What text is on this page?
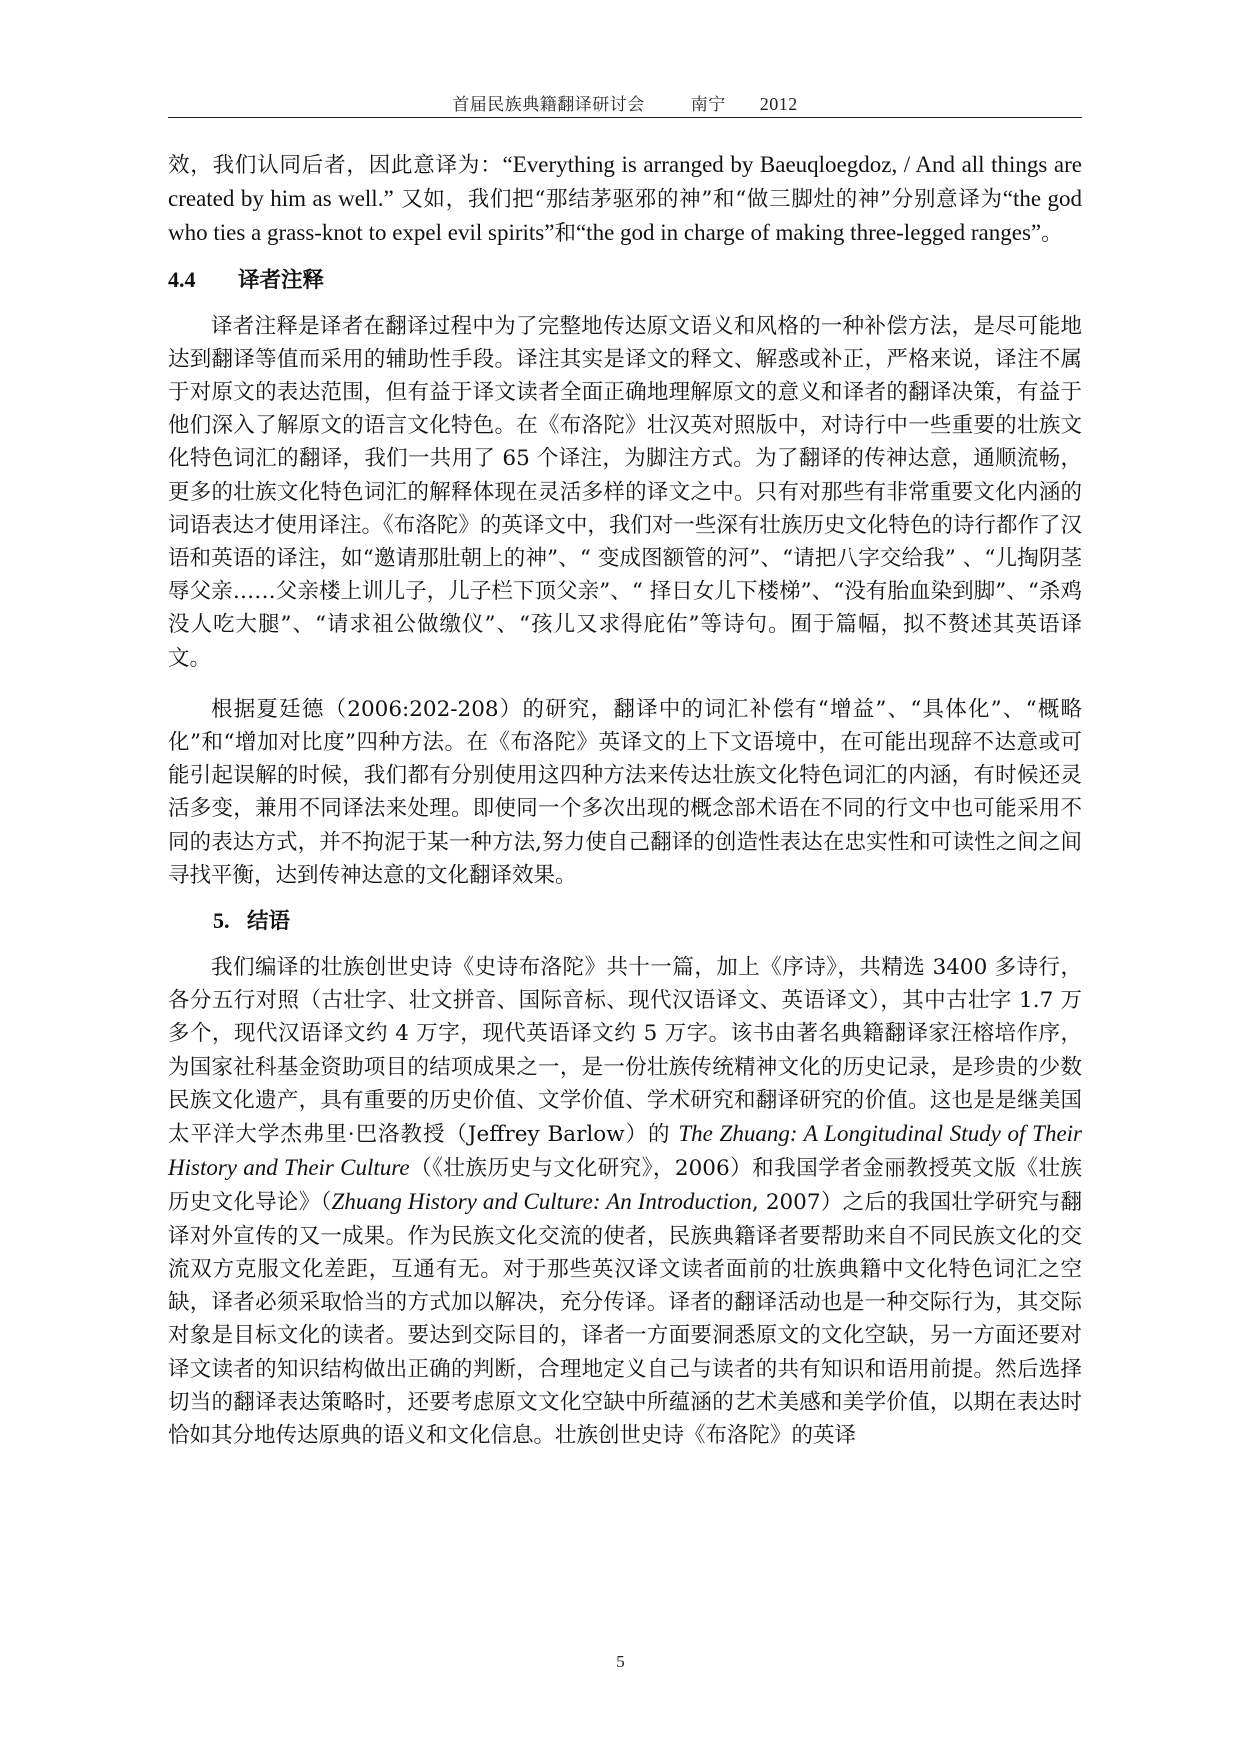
首届民族典籍翻译研讨会	南宁 2012

效，我们认同后者，因此意译为：“Everything is arranged by Baeuqloegdoz, / And all things are created by him as well.” 又如，我们把“那结茅驱邪的神”和“做三脚灶的神”分别意译为“the god who ties a grass-knot to expel evil spirits”和“the god in charge of making three-legged ranges”。

4.4 译者注释

译者注释是译者在翻译过程中为了完整地传达原文语义和风格的一种补偿方法，是尽可能地达到翻译等值而采用的辅助性手段。译注其实是译文的释文、解惑或补正，严格来说，译注不属于对原文的表达范围，但有益于译文读者全面正确地理解原文的意义和译者的翻译决策，有益于他们深入了解原文的语言文化特色。在《布洛陀》壮汉英对照版中，对诗行中一些重要的壮族文化特色词汇的翻译，我们一共用了 65 个译注，为脚注方式。为了翻译的传神达意，通顺流畅，更多的壮族文化特色词汇的解释体现在灵活多样的译文之中。只有对那些有非常重要文化内涵的词语表达才使用译注。《布洛陀》的英译文中，我们对一些深有壮族历史文化特色的诗行都作了汉语和英语的译注，如“邀请那肚朝上的神”、“ 变成图额管的河”、“请把八字交给我” 、“儿掏阴茎辱父亲……父亲楼上训儿子，儿子栏下顶父亲”、“ 择日女儿下楼梯”、“没有胎血染到脚”、“杀鸡没人吃大腿”、“请求祖公做缴仪”、“孩儿又求得庇佑”等诗句。囿于篇幅，拟不赘述其英语译文。

根据夏廷德（2006:202-208）的研究，翻译中的词汇补偿有“增益”、“具体化”、“概略化”和“增加对比度”四种方法。在《布洛陀》英译文的上下文语境中，在可能出现辞不达意或可能引起误解的时候，我们都有分别使用这四种方法来传达壮族文化特色词汇的内涵，有时候还灵活多变，兼用不同译法来处理。即使同一个多次出现的概念部术语在不同的行文中也可能采用不同的表达方式，并不拘泥于某一种方法,努力使自己翻译的创造性表达在忠实性和可读性之间之间寻找平衡，达到传神达意的文化翻译效果。

5. 结语

我们编译的壮族创世史诗《史诗布洛陀》共十一篇，加上《序诗》，共精选 3400 多诗行，各分五行对照（古壮字、壮文拼音、国际音标、现代汉语译文、英语译文），其中古壮字 1.7 万多个，现代汉语译文约 4 万字，现代英语译文约 5 万字。该书由著名典籍翻译家汪榕培作序，为国家社科基金资助项目的结项成果之一，是一份壮族传统精神文化的历史记录，是珍贵的少数民族文化遗产，具有重要的历史价值、文学价值、学术研究和翻译研究的价值。这也是是继美国太平洋大学杰弗里·巴洛教授（Jeffrey Barlow）的 The Zhuang: A Longitudinal Study of Their History and Their Culture（《壮族历史与文化研究》，2006）和我国学者金丽教授英文版《壮族历史文化导论》（Zhuang History and Culture: An Introduction, 2007）之后的我国壮学研究与翻译对外宣传的又一成果。作为民族文化交流的使者，民族典籍译者要帮助来自不同民族文化的交流双方克服文化差距，互通有无。对于那些英汉译文读者面前的壮族典籍中文化特色词汇之空缺，译者必须采取恰当的方式加以解决，充分传译。译者的翻译活动也是一种交际行为，其交际对象是目标文化的读者。要达到交际目的，译者一方面要洞悉原文的文化空缺，另一方面还要对译文读者的知识结构做出正确的判断，合理地定义自己与读者的共有知识和语用前提。然后选择切当的翻译表达策略时，还要考虑原文文化空缺中所蕴涵的艺术美感和美学价值，以期在表达时恰如其分地传达原典的语义和文化信息。壮族创世史诗《布洛陀》的英译

5
